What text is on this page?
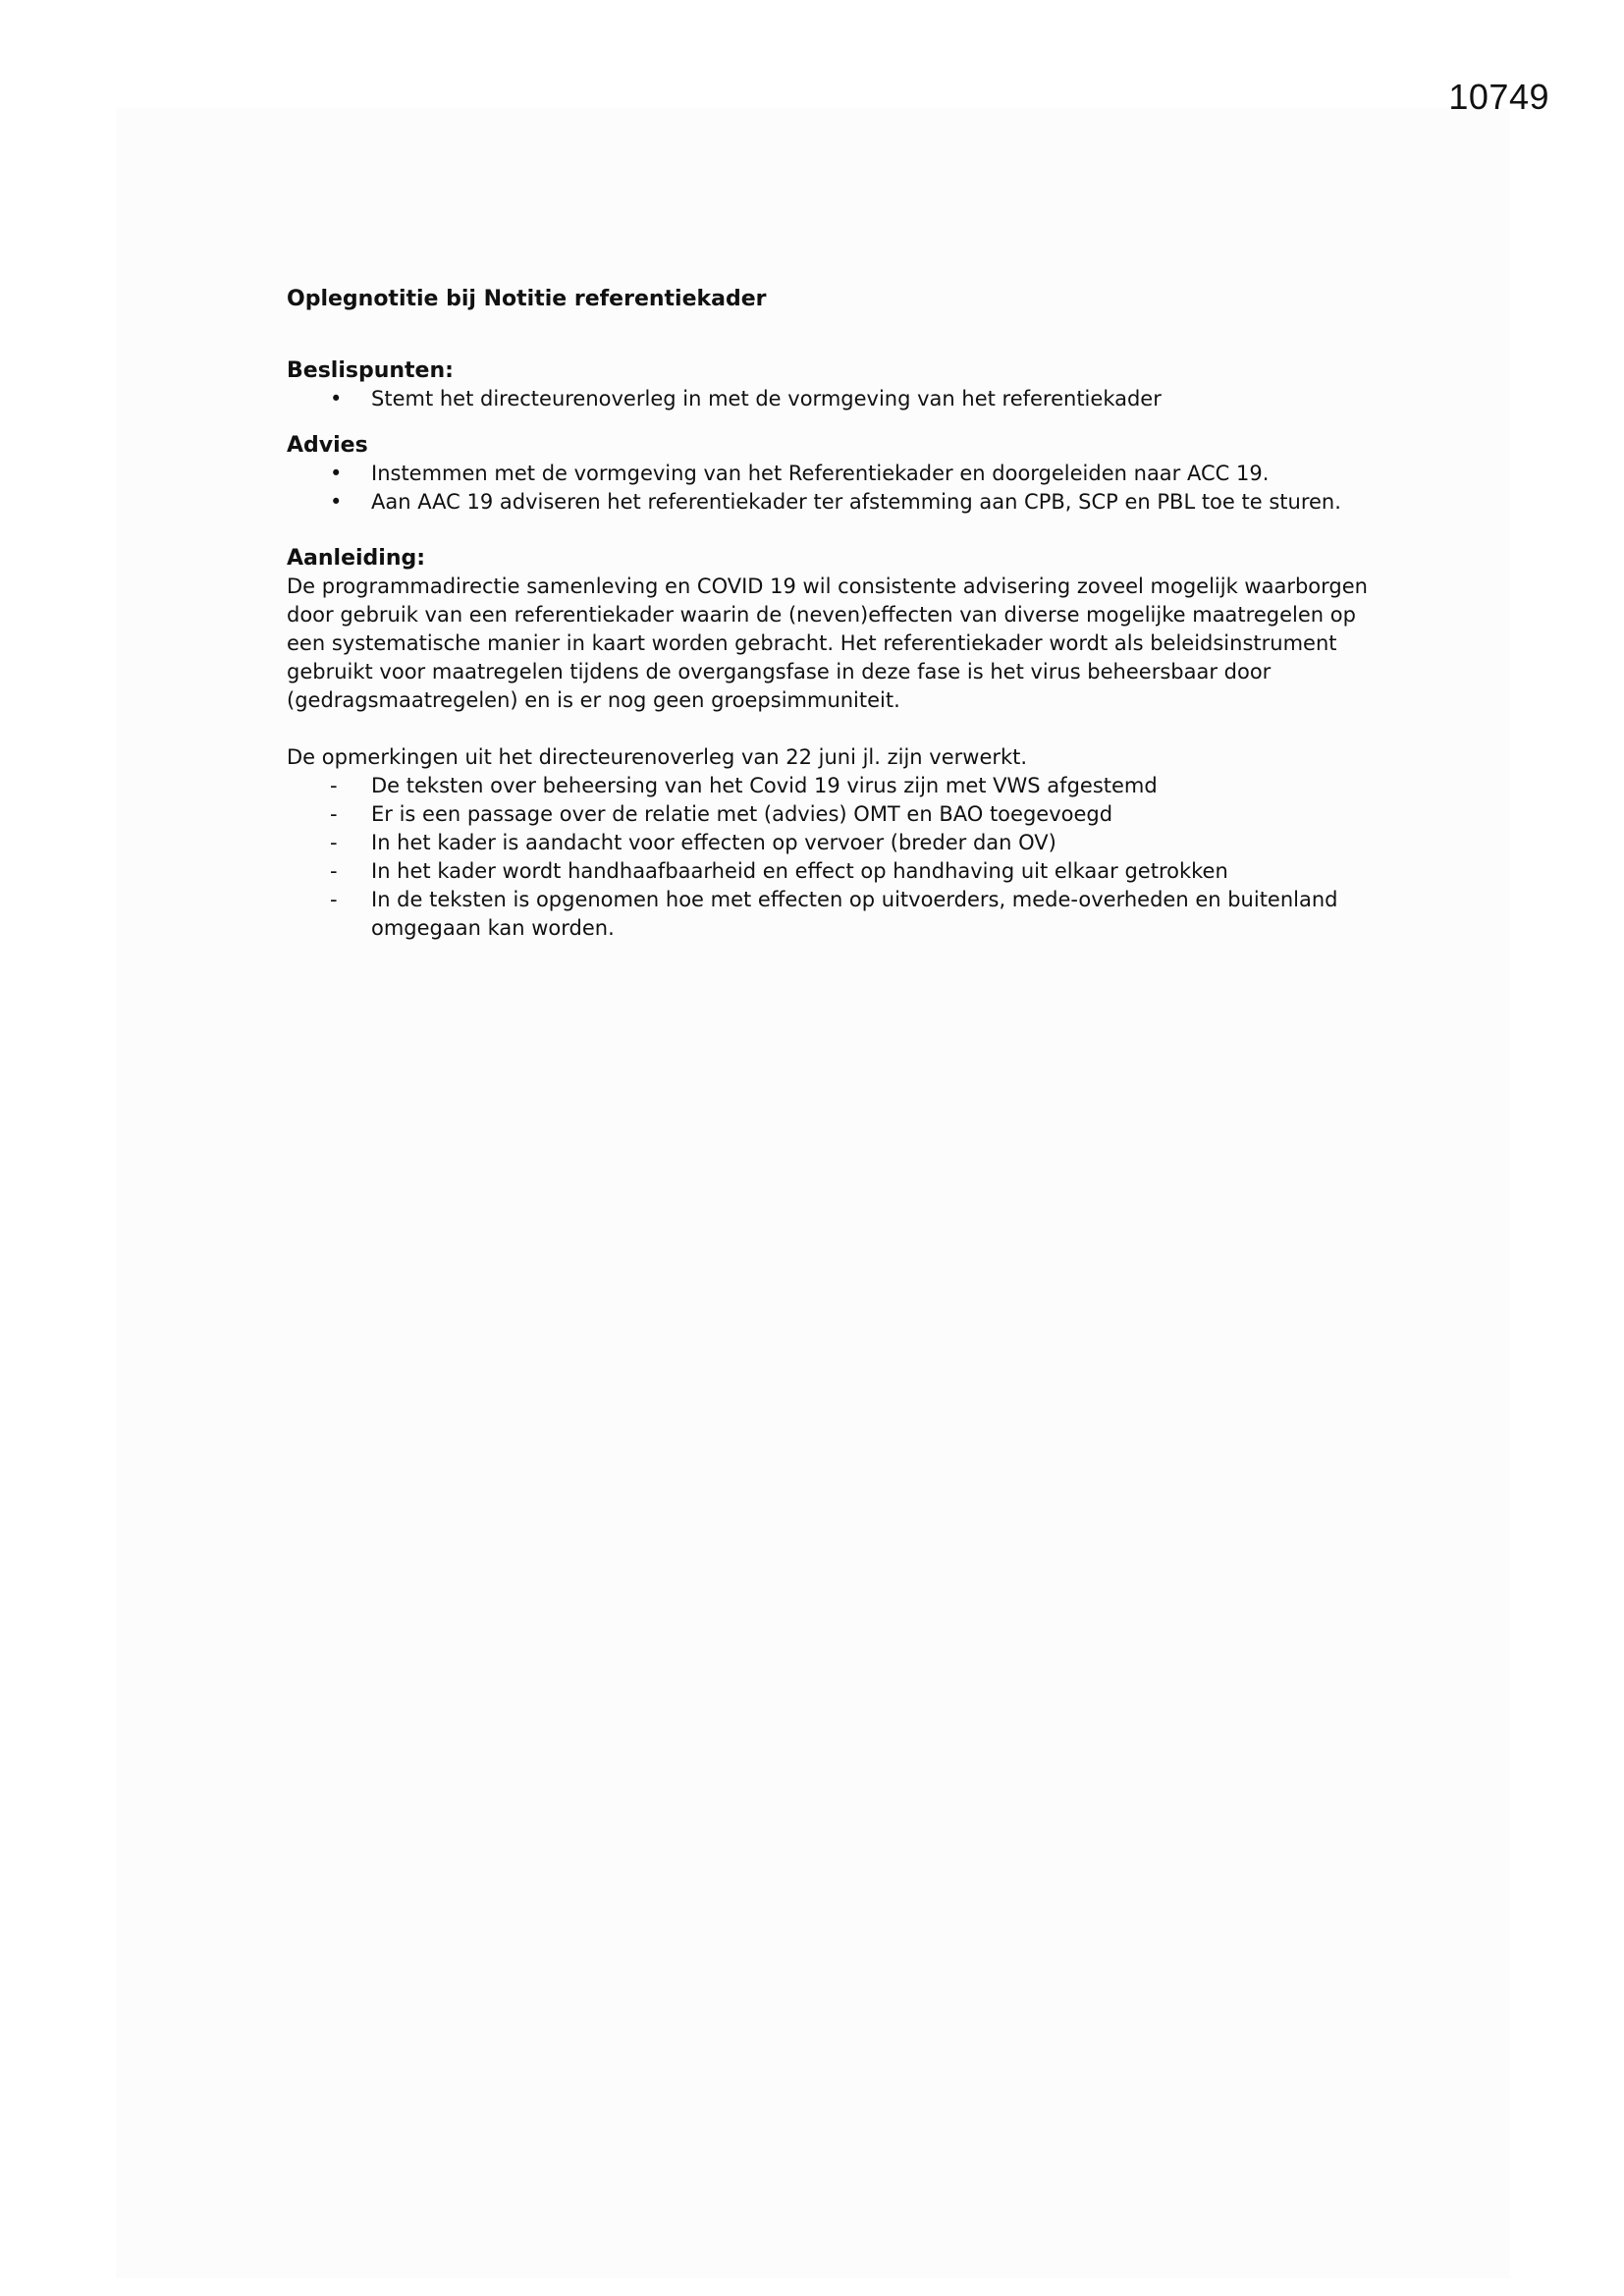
10749
Oplegnotitie bij Notitie referentiekader
Beslispunten:
• Stemt het directeurenoverleg in met de vormgeving van het referentiekader
Advies
• Instemmen met de vormgeving van het Referentiekader en doorgeleiden naar ACC 19.
• Aan AAC 19 adviseren het referentiekader ter afstemming aan CPB, SCP en PBL toe te sturen.
Aanleiding:

De programmadirectie samenleving en COVID 19 wil consistente advisering zoveel mogelijk waarborgen door gebruik van een referentiekader waarin de (neven)effecten van diverse mogelijke maatregelen op een systematische manier in kaart worden gebracht. Het referentiekader wordt als beleidsinstrument gebruikt voor maatregelen tijdens de overgangsfase in deze fase is het virus beheersbaar door (gedragsmaatregelen) en is er nog geen groepsimmuniteit.

De opmerkingen uit het directeurenoverleg van 22 juni jl. zijn verwerkt.

- De teksten over beheersing van het Covid 19 virus zijn met VWS afgestemd
- Er is een passage over de relatie met (advies) OMT en BAO toegevoegd
- In het kader is aandacht voor effecten op vervoer (breder dan OV)
- In het kader wordt handhaafbaarheid en effect op handhaving uit elkaar getrokken
- In de teksten is opgenomen hoe met effecten op uitvoerders, mede-overheden en buitenland omgegaan kan worden.
